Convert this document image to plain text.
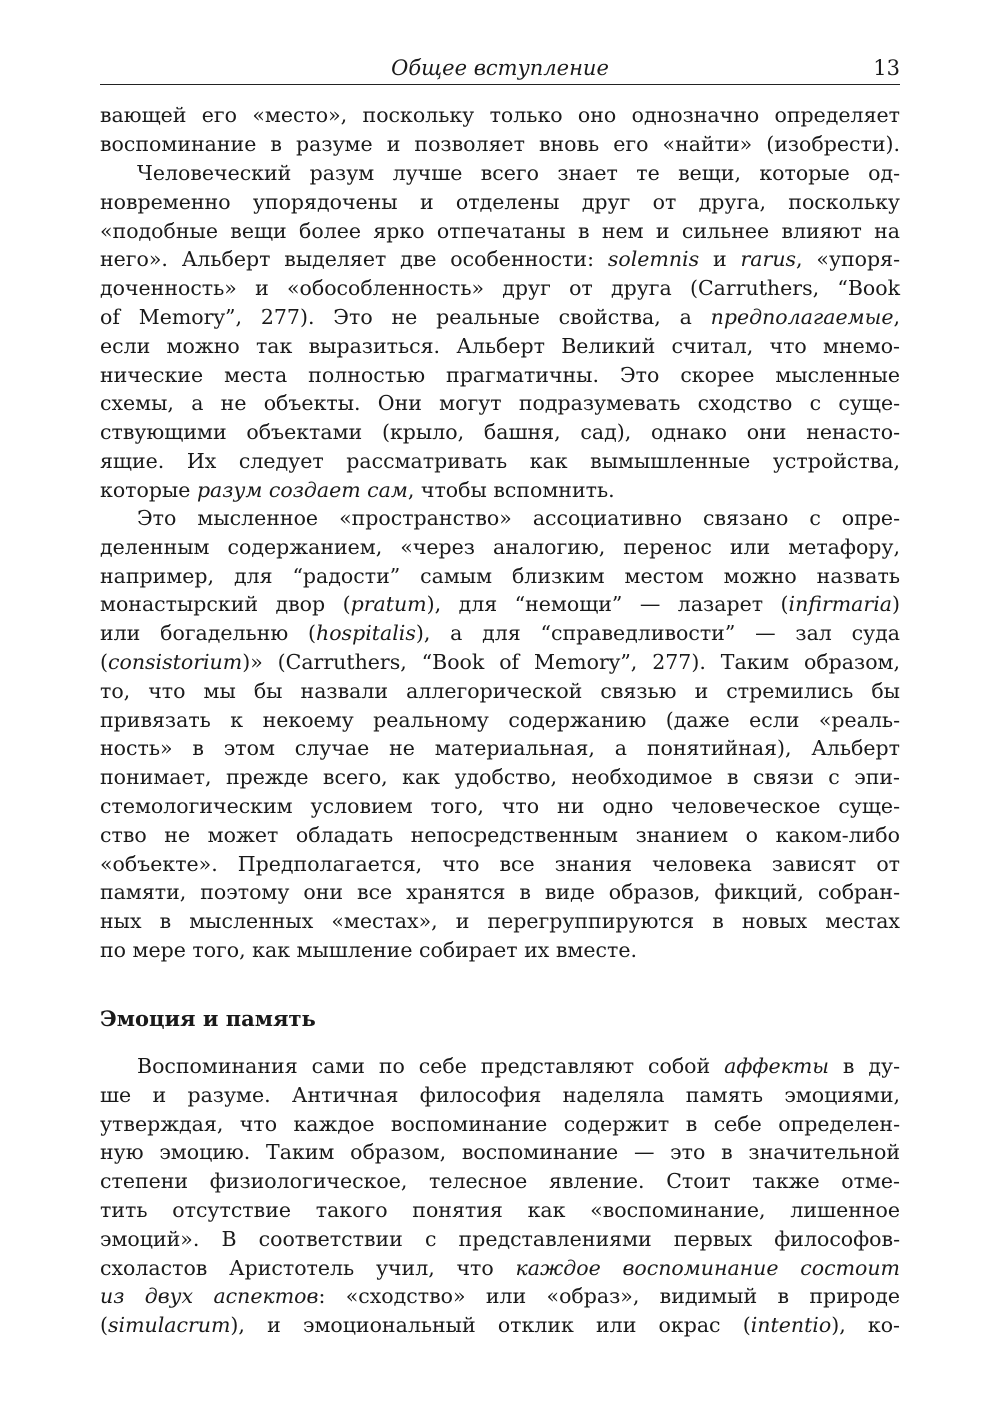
Общее вступление	13
вающей его «место», поскольку только оно однозначно определяет
воспоминание в разуме и позволяет вновь его «найти» (изобрести).
Человеческий разум лучше всего знает те вещи, которые од-
новременно упорядочены и отделены друг от друга, поскольку
«подобные вещи более ярко отпечатаны в нем и сильнее влияют на
него». Альберт выделяет две особенности: solemnis и rarus, «упоря-
доченность» и «обособленность» друг от друга (Carruthers, “Book
of Memory”, 277). Это не реальные свойства, а предполагаемые,
если можно так выразиться. Альберт Великий считал, что мнемо-
нические места полностью прагматичны. Это скорее мысленные
схемы, а не объекты. Они могут подразумевать сходство с суще-
ствующими объектами (крыло, башня, сад), однако они ненасто-
ящие. Их следует рассматривать как вымышленные устройства,
которые разум создает сам, чтобы вспомнить.
Это мысленное «пространство» ассоциативно связано с опре-
деленным содержанием, «через аналогию, перенос или метафору,
например, для “радости” самым близким местом можно назвать
монастырский двор (pratum), для “немощи” — лазарет (infirmaria)
или богадельню (hospitalis), а для “справедливости” — зал суда
(consistorium)» (Carruthers, “Book of Memory”, 277). Таким образом,
то, что мы бы назвали аллегорической связью и стремились бы
привязать к некоему реальному содержанию (даже если «реаль-
ность» в этом случае не материальная, а понятийная), Альберт
понимает, прежде всего, как удобство, необходимое в связи с эпи-
стемологическим условием того, что ни одно человеческое суще-
ство не может обладать непосредственным знанием о каком-либо
«объекте». Предполагается, что все знания человека зависят от
памяти, поэтому они все хранятся в виде образов, фикций, собран-
ных в мысленных «местах», и перегруппируются в новых местах
по мере того, как мышление собирает их вместе.
Воспоминания сами по себе представляют собой аффекты в ду-
ше и разуме. Античная философия наделяла память эмоциями,
утверждая, что каждое воспоминание содержит в себе определен-
ную эмоцию. Таким образом, воспоминание — это в значительной
степени физиологическое, телесное явление. Стоит также отме-
тить отсутствие такого понятия как «воспоминание, лишенное
эмоций». В соответствии с представлениями первых философов-
схоластов Аристотель учил, что каждое воспоминание состоит
из двух аспектов: «сходство» или «образ», видимый в природе
(simulacrum), и эмоциональный отклик или окрас (intentio), ко-
Эмоция и память
